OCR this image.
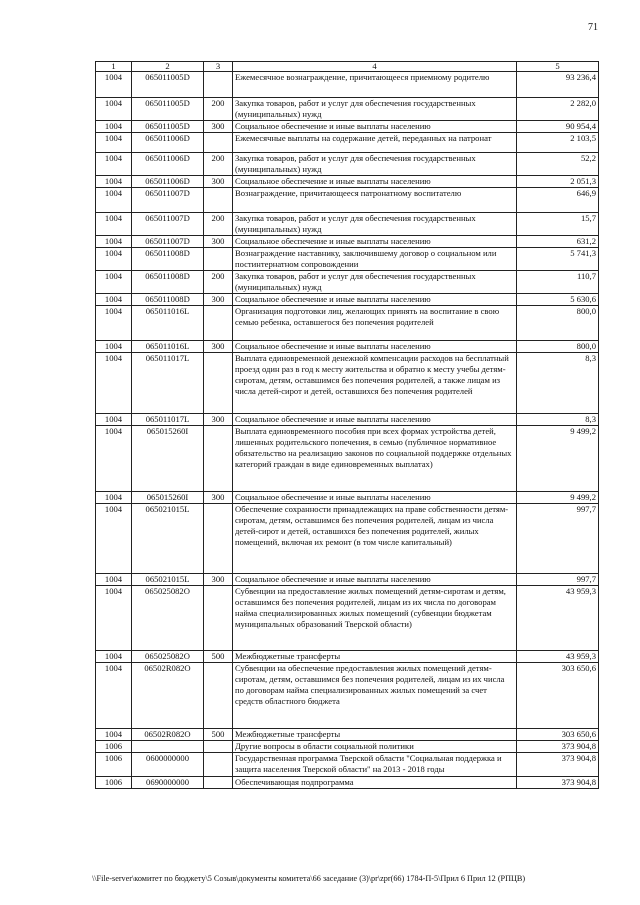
71
1	2	3	4	5
1004	065011005D		Ежемесячное вознаграждение, причитающееся приемному родителю	93 236,4
1004	065011005D	200	Закупка товаров, работ и услуг для обеспечения государственных (муниципальных) нужд	2 282,0
1004	065011005D	300	Социальное обеспечение и иные выплаты населению	90 954,4
1004	065011006D		Ежемесячные выплаты на содержание детей, переданных на патронат	2 103,5
1004	065011006D	200	Закупка товаров, работ и услуг для обеспечения государственных (муниципальных) нужд	52,2
1004	065011006D	300	Социальное обеспечение и иные выплаты населению	2 051,3
1004	065011007D		Вознаграждение, причитающееся патронатному воспитателю	646,9
1004	065011007D	200	Закупка товаров, работ и услуг для обеспечения государственных (муниципальных) нужд	15,7
1004	065011007D	300	Социальное обеспечение и иные выплаты населению	631,2
1004	065011008D		Вознаграждение наставнику, заключившему договор о социальном или постинтернатном сопровождении	5 741,3
1004	065011008D	200	Закупка товаров, работ и услуг для обеспечения государственных (муниципальных) нужд	110,7
1004	065011008D	300	Социальное обеспечение и иные выплаты населению	5 630,6
1004	065011016L		Организация подготовки лиц, желающих принять на воспитание в свою семью ребенка, оставшегося без попечения родителей	800,0
1004	065011016L	300	Социальное обеспечение и иные выплаты населению	800,0
1004	065011017L		Выплата единовременной денежной компенсации расходов на бесплатный проезд один раз в год к месту жительства и обратно к месту учебы детям-сиротам, детям, оставшимся без попечения родителей, а также лицам из числа детей-сирот и детей, оставшихся без попечения родителей	8,3
1004	065011017L	300	Социальное обеспечение и иные выплаты населению	8,3
1004	065015260I		Выплата единовременного пособия при всех формах устройства детей, лишенных родительского попечения, в семью (публичное нормативное обязательство на реализацию законов по социальной поддержке отдельных категорий граждан в виде единовременных выплатах)	9 499,2
1004	065015260I	300	Социальное обеспечение и иные выплаты населению	9 499,2
1004	065021015L		Обеспечение сохранности принадлежащих на праве собственности детям-сиротам, детям, оставшимся без попечения родителей, лицам из числа детей-сирот и детей, оставшихся без попечения родителей, жилых помещений, включая их ремонт (в том числе капитальный)	997,7
1004	065021015L	300	Социальное обеспечение и иные выплаты населению	997,7
1004	065025082O		Субвенции на предоставление жилых помещений детям-сиротам и детям, оставшимся без попечения родителей, лицам из их числа по договорам найма специализированных жилых помещений (субвенции бюджетам муниципальных образований Тверской области)	43 959,3
1004	065025082O	500	Межбюджетные трансферты	43 959,3
1004	06502R082O		Субвенции на обеспечение предоставления жилых помещений детям-сиротам, детям, оставшимся без попечения родителей, лицам из их числа по договорам найма специализированных жилых помещений за счет средств областного бюджета	303 650,6
1004	06502R082O	500	Межбюджетные трансферты	303 650,6
1006			Другие вопросы в области социальной политики	373 904,8
1006	0600000000		Государственная программа Тверской области "Социальная поддержка и защита населения Тверской области" на 2013 - 2018 годы	373 904,8
1006	0690000000		Обеспечивающая подпрограмма	373 904,8
\\File-server\комитет по бюджету\5 Созыв\документы комитета\66 заседание (3)\pr\zpr(66) 1784-П-5\Прил 6 Прил 12 (РПЦВ)
